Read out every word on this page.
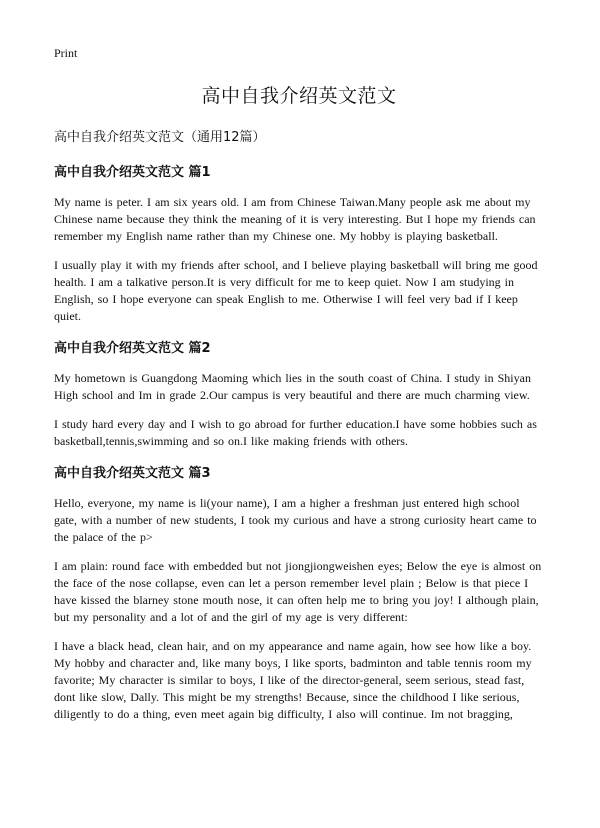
Print
高中自我介绍英文范文
高中自我介绍英文范文（通用12篇）
高中自我介绍英文范文 篇1

My name is peter. I am six years old. I am from Chinese Taiwan.Many people ask me about my Chinese name because they think the meaning of it is very interesting. But I hope my friends can remember my English name rather than my Chinese one. My hobby is playing basketball.

I usually play it with my friends after school, and I believe playing basketball will bring me good health. I am a talkative person.It is very difficult for me to keep quiet. Now I am studying in English, so I hope everyone can speak English to me. Otherwise I will feel very bad if I keep quiet.

高中自我介绍英文范文 篇2

My hometown is Guangdong Maoming which lies in the south coast of China. I study in Shiyan High school and Im in grade 2.Our campus is very beautiful and there are much charming view.

I study hard every day and I wish to go abroad for further education.I have some hobbies such as basketball,tennis,swimming and so on.I like making friends with others.

高中自我介绍英文范文 篇3

Hello, everyone, my name is li(your name), I am a higher a freshman just entered high school gate, with a number of new students, I took my curious and have a strong curiosity heart came to the palace of the p>

I am plain: round face with embedded but not jiongjiongweishen eyes; Below the eye is almost on the face of the nose collapse, even can let a person remember level plain ; Below is that piece I have kissed the blarney stone mouth nose, it can often help me to bring you joy! I although plain, but my personality and a lot of and the girl of my age is very different:

I have a black head, clean hair, and on my appearance and name again, how see how like a boy. My hobby and character and, like many boys, I like sports, badminton and table tennis room my favorite; My character is similar to boys, I like of the director-general, seem serious, stead fast, dont like slow, Dally. This might be my strengths! Because, since the childhood I like serious, diligently to do a thing, even meet again big difficulty, I also will continue. Im not bragging,
